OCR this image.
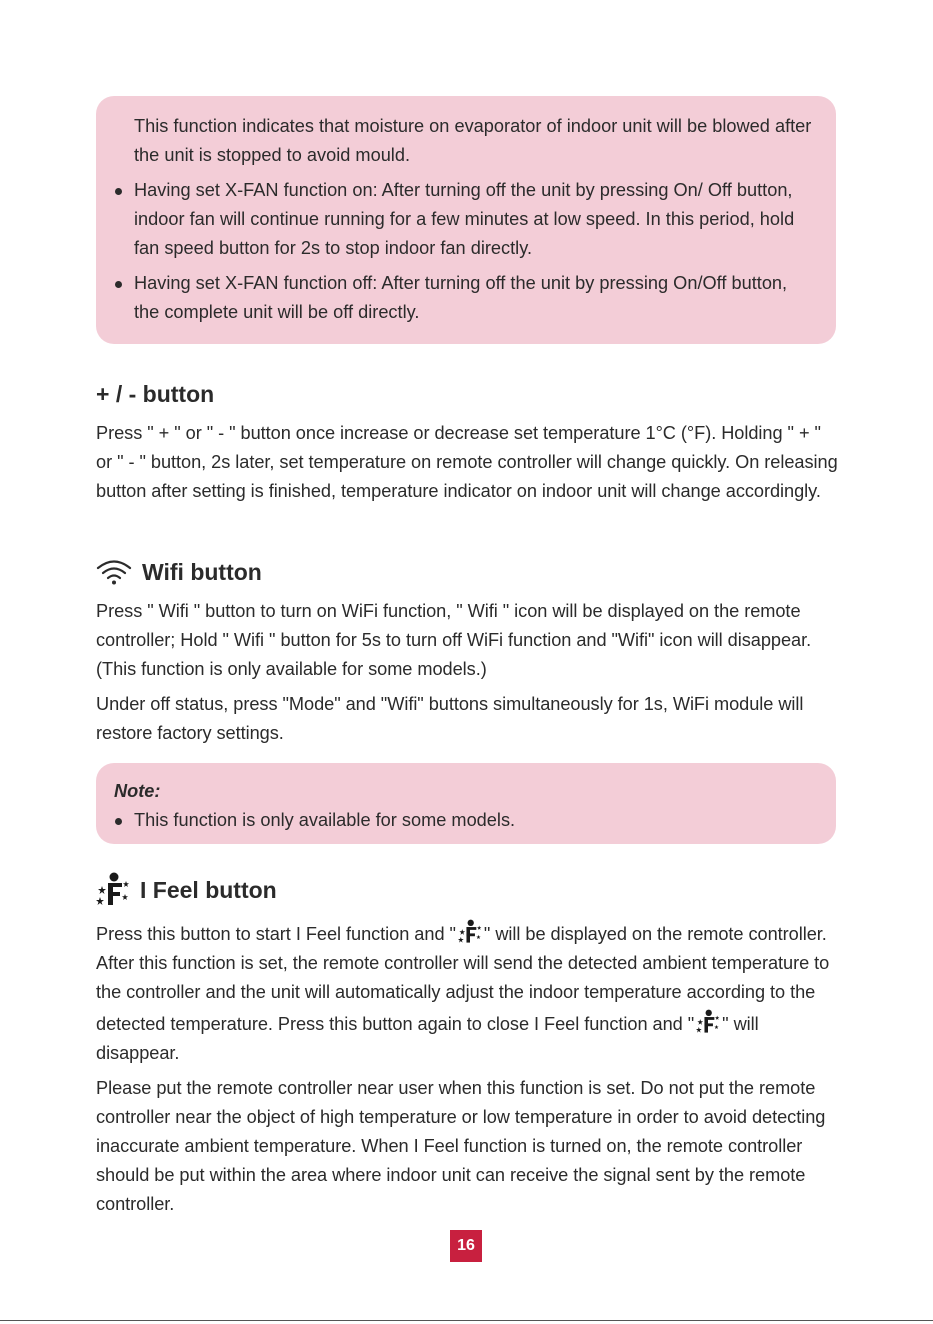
This function indicates that moisture on evaporator of indoor unit will be blowed after the unit is stopped to avoid mould.

Having set X-FAN function on: After turning off the unit by pressing On/ Off button, indoor fan will continue running for a few minutes at low speed. In this period, hold fan speed button for 2s to stop indoor fan directly.

Having set X-FAN function off: After turning off the unit by pressing On/Off button, the complete unit will be off directly.

+ / - button

Press " + " or " - " button once increase or decrease set temperature 1°C (°F). Holding " + " or " - " button, 2s later, set temperature on remote controller will change quickly. On releasing button after setting is finished, temperature indicator on indoor unit will change accordingly.

Wifi button

Press " Wifi " button to turn on WiFi function, " Wifi " icon will be displayed on the remote controller; Hold " Wifi " button for 5s to turn off WiFi function and "Wifi" icon will disappear. (This function is only available for some models.)

Under off status, press "Mode" and "Wifi" buttons simultaneously for 1s, WiFi module will restore factory settings.

Note:

This function is only available for some models.

I Feel button

Press this button to start I Feel function and " " will be displayed on the remote controller. After this function is set, the remote controller will send the detected ambient temperature to the controller and the unit will automatically adjust the indoor temperature according to the detected temperature. Press this button again to close I Feel function and " " will disappear.

Please put the remote controller near user when this function is set. Do not put the remote controller near the object of high temperature or low temperature in order to avoid detecting inaccurate ambient temperature. When I Feel function is turned on, the remote controller should be put within the area where indoor unit can receive the signal sent by the remote controller.

16
